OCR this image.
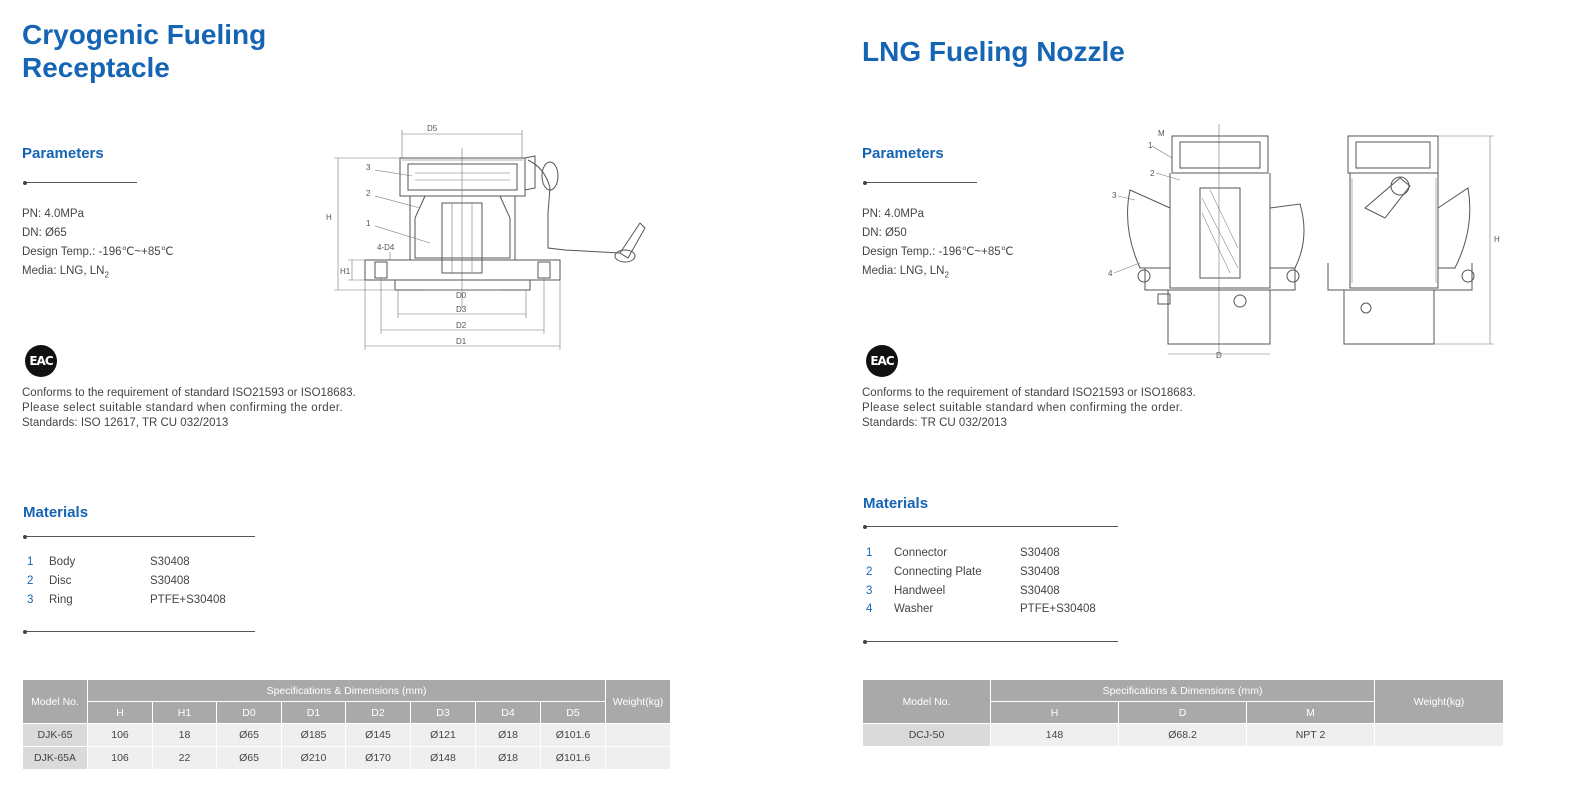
Cryogenic Fueling
Receptacle
Parameters
PN: 4.0MPa
DN: Ø65
Design Temp.: -196℃~+85℃
Media: LNG, $LN_2$
EAC
Conforms to the requirement of standard ISO21593 or ISO18683.
Please select suitable standard when confirming the order.
Standards: ISO 12617, TR CU 032/2013
Materials
1 Body	S30408
2 Disc	S30408
3 Ring	PTFE+S30408
D5
H
H1
3
2
1
4-D4
D0
D3
D2
D1
Model No.	Specifications & Dimensions (mm)								Weight(kg)
	H	H1	D0	D1	D2	D3	D4	D5	
DJK-65	106	18	Ø65	Ø185	Ø145	Ø121	Ø18	Ø101.6	
DJK-65A	106	22	Ø65	Ø210	Ø170	Ø148	Ø18	Ø101.6	
LNG Fueling Nozzle
Parameters
PN: 4.0MPa
DN: Ø50
Design Temp.: -196℃~+85℃
Media: LNG, $LN_2$
EAC
Conforms to the requirement of standard ISO21593 or ISO18683.
Please select suitable standard when confirming the order.
Standards: TR CU 032/2013
Materials
1 Connector	S30408
2 Connecting Plate	S30408
3 Handweel	S30408
4 Washer	PTFE+S30408
M
1
2
3
4
D
H
Model No.	Specifications & Dimensions (mm)			Weight(kg)
	H	D	M	
DCJ-50	148	Ø68.2	NPT 2	
